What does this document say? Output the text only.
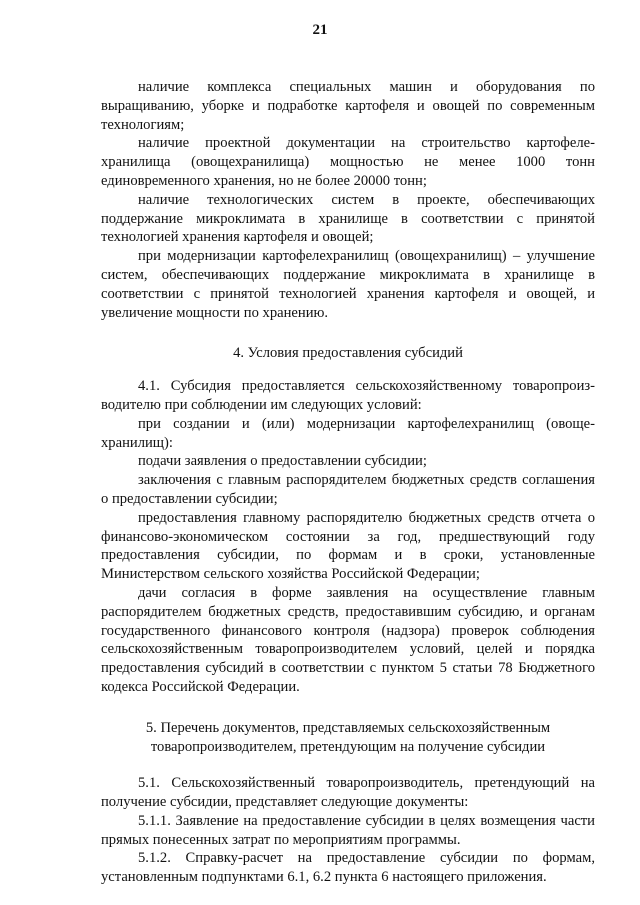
21

наличие комплекса специальных машин и оборудования по выращиванию, уборке и подработке картофеля и овощей по современным технологиям;

наличие проектной документации на строительство картофеле-хранилища (овощехранилища) мощностью не менее 1000 тонн единовременного хранения, но не более 20000 тонн;

наличие технологических систем в проекте, обеспечивающих поддержание микроклимата в хранилище в соответствии с принятой технологией хранения картофеля и овощей;

при модернизации картофелехранилищ (овощехранилищ) – улучшение систем, обеспечивающих поддержание микроклимата в хранилище в соответствии с принятой технологией хранения картофеля и овощей, и увеличение мощности по хранению.

4. Условия предоставления субсидий

4.1. Субсидия предоставляется сельскохозяйственному товаропроиз-водителю при соблюдении им следующих условий:

при создании и (или) модернизации картофелехранилищ (овоще-хранилищ):

подачи заявления о предоставлении субсидии;

заключения с главным распорядителем бюджетных средств соглашения о предоставлении субсидии;

предоставления главному распорядителю бюджетных средств отчета о финансово-экономическом состоянии за год, предшествующий году предоставления субсидии, по формам и в сроки, установленные Министерством сельского хозяйства Российской Федерации;

дачи согласия в форме заявления на осуществление главным распорядителем бюджетных средств, предоставившим субсидию, и органам государственного финансового контроля (надзора) проверок соблюдения сельскохозяйственным товаропроизводителем условий, целей и порядка предоставления субсидий в соответствии с пунктом 5 статьи 78 Бюджетного кодекса Российской Федерации.

5. Перечень документов, представляемых сельскохозяйственным
товаропроизводителем, претендующим на получение субсидии

5.1. Сельскохозяйственный товаропроизводитель, претендующий на получение субсидии, представляет следующие документы:

5.1.1. Заявление на предоставление субсидии в целях возмещения части прямых понесенных затрат по мероприятиям программы.

5.1.2. Справку-расчет на предоставление субсидии по формам, установленным подпунктами 6.1, 6.2 пункта 6 настоящего приложения.
